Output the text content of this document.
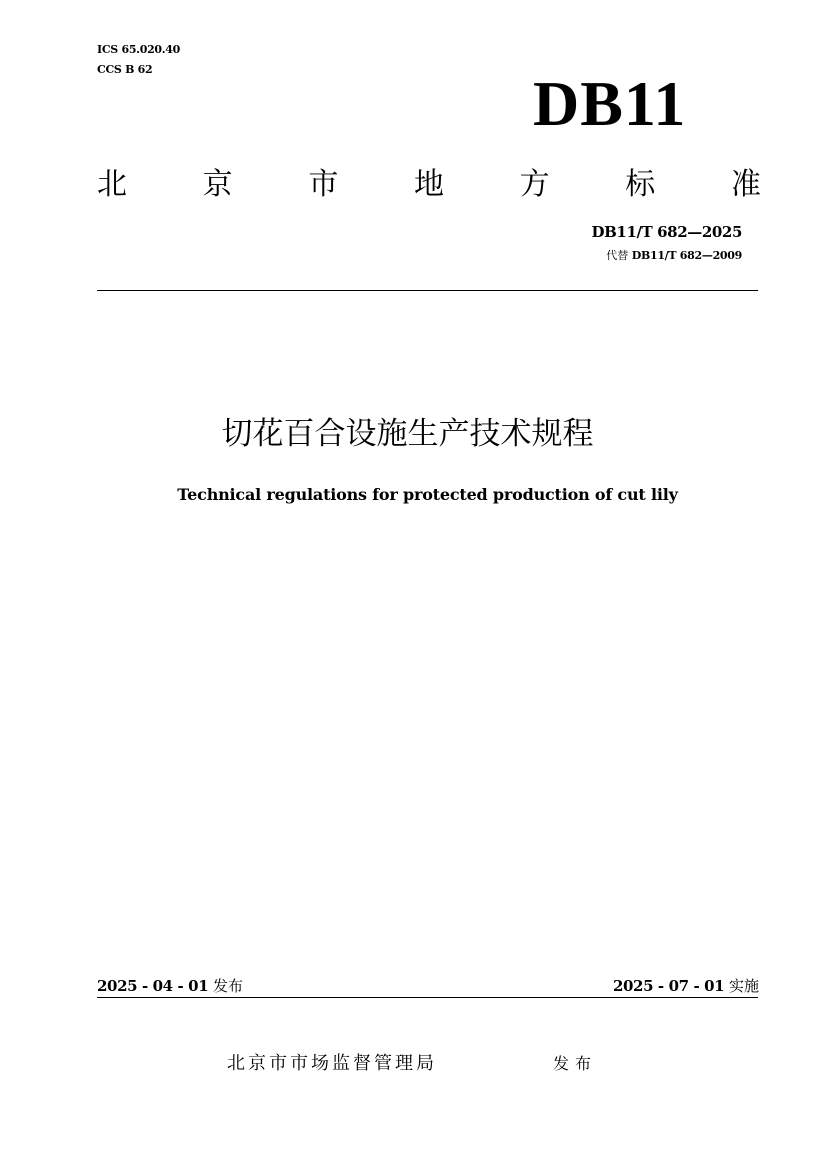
ICS 65.020.40
CCS B 62	DB11
北	京	市	地	方	标	准
DB11/T 682—2025
代替 DB11/T 682—2009
切花百合设施生产技术规程
Technical regulations for protected production of cut lily
2025 - 04 - 01 发布	2025 - 07 - 01 实施
北京市市场监督管理局	发布
